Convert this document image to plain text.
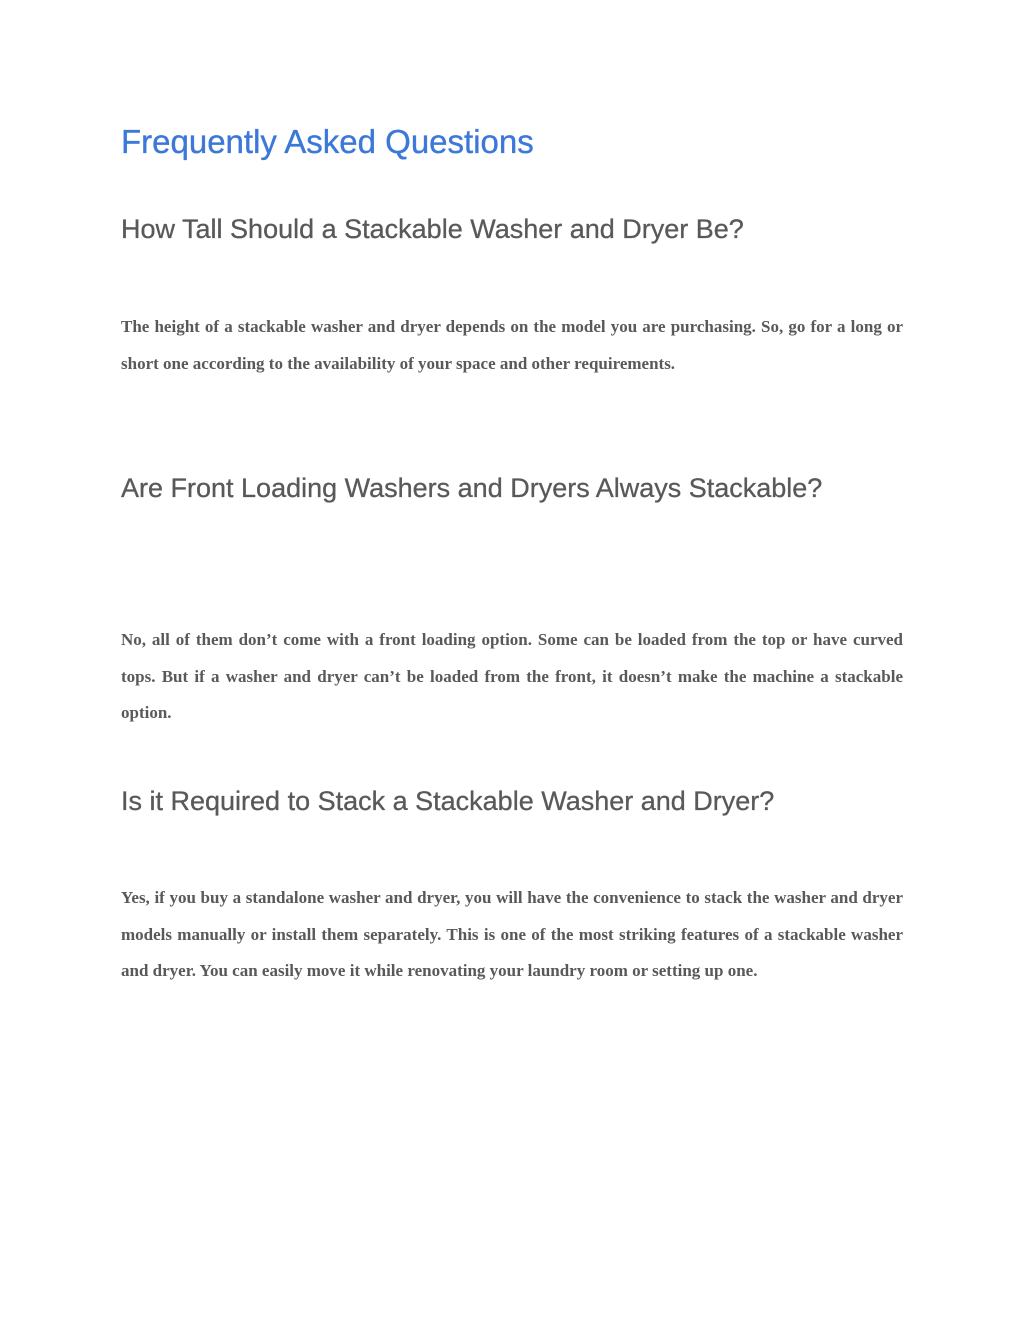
Frequently Asked Questions
How Tall Should a Stackable Washer and Dryer Be?

The height of a stackable washer and dryer depends on the model you are purchasing. So, go for a long or short one according to the availability of your space and other requirements.

Are Front Loading Washers and Dryers Always Stackable?

No, all of them don’t come with a front loading option. Some can be loaded from the top or have curved tops. But if a washer and dryer can’t be loaded from the front, it doesn’t make the machine a stackable option.

Is it Required to Stack a Stackable Washer and Dryer?

Yes, if you buy a standalone washer and dryer, you will have the convenience to stack the washer and dryer models manually or install them separately. This is one of the most striking features of a stackable washer and dryer. You can easily move it while renovating your laundry room or setting up one.
